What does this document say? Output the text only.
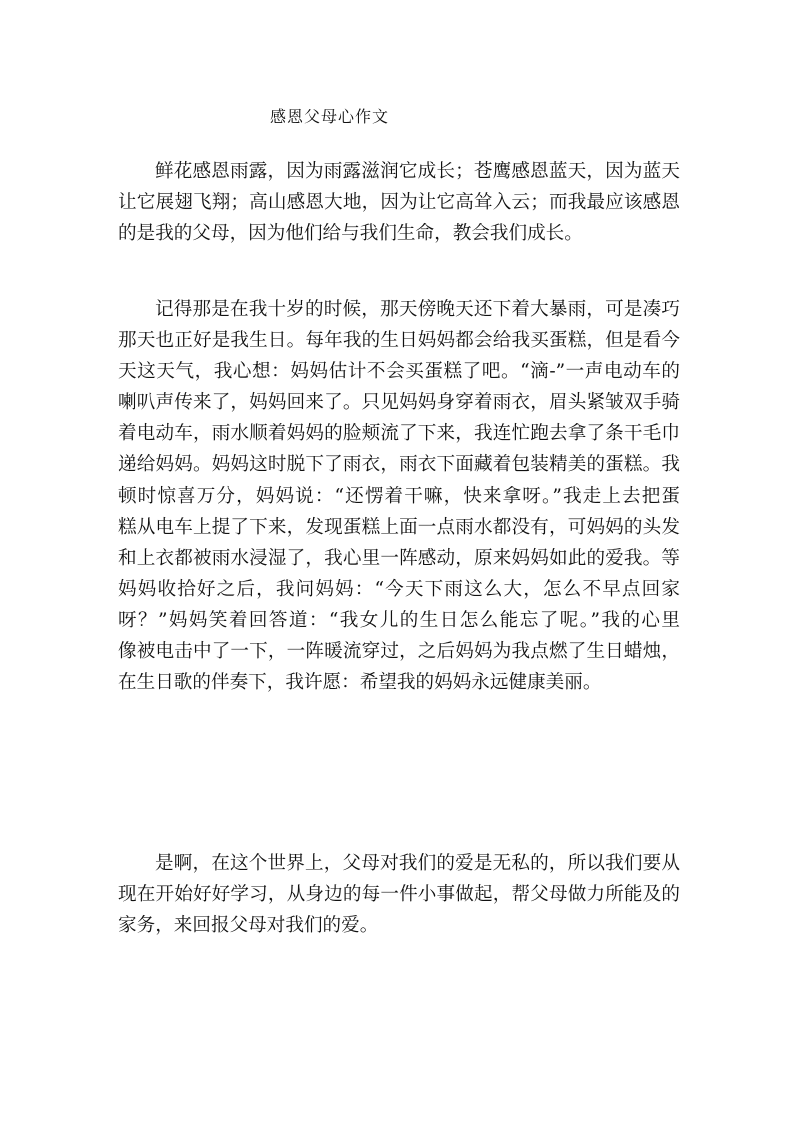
感恩父母心作文
鲜花感恩雨露，因为雨露滋润它成长；苍鹰感恩蓝天，因为蓝天
让它展翅飞翔；高山感恩大地，因为让它高耸入云；而我最应该感恩
的是我的父母，因为他们给与我们生命，教会我们成长。
记得那是在我十岁的时候，那天傍晚天还下着大暴雨，可是凑巧
那天也正好是我生日。每年我的生日妈妈都会给我买蛋糕，但是看今
天这天气，我心想：妈妈估计不会买蛋糕了吧。“滴-”一声电动车的
喇叭声传来了，妈妈回来了。只见妈妈身穿着雨衣，眉头紧皱双手骑
着电动车，雨水顺着妈妈的脸颊流了下来，我连忙跑去拿了条干毛巾
递给妈妈。妈妈这时脱下了雨衣，雨衣下面藏着包装精美的蛋糕。我
顿时惊喜万分，妈妈说：“还愣着干嘛，快来拿呀。”我走上去把蛋
糕从电车上提了下来，发现蛋糕上面一点雨水都没有，可妈妈的头发
和上衣都被雨水浸湿了，我心里一阵感动，原来妈妈如此的爱我。等
妈妈收拾好之后，我问妈妈：“今天下雨这么大，怎么不早点回家
呀？”妈妈笑着回答道：“我女儿的生日怎么能忘了呢。”我的心里
像被电击中了一下，一阵暖流穿过，之后妈妈为我点燃了生日蜡烛，
在生日歌的伴奏下，我许愿：希望我的妈妈永远健康美丽。
是啊，在这个世界上，父母对我们的爱是无私的，所以我们要从
现在开始好好学习，从身边的每一件小事做起，帮父母做力所能及的
家务，来回报父母对我们的爱。
